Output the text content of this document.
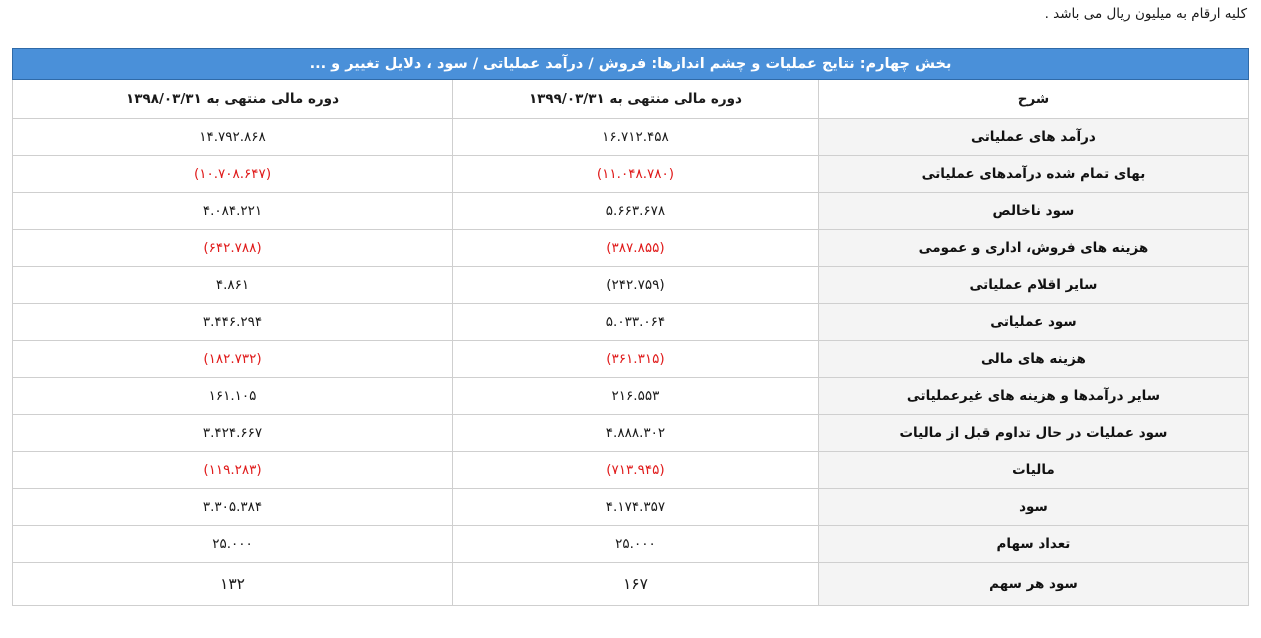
کلیه ارقام به میلیون ریال می باشد .
بخش چهارم: نتایج عملیات و چشم اندازها: فروش / درآمد عملیاتی / سود ، دلایل تغییر و ...		
شرح	دوره مالی منتهی به ۱۳۹۹/۰۳/۳۱	دوره مالی منتهی به ۱۳۹۸/۰۳/۳۱
درآمد های عملیاتی	۱۶.۷۱۲.۴۵۸	۱۴.۷۹۲.۸۶۸
بهای تمام شده درآمدهای عملیاتی	(۱۱.۰۴۸.۷۸۰)	(۱۰.۷۰۸.۶۴۷)
سود ناخالص	۵.۶۶۳.۶۷۸	۴.۰۸۴.۲۲۱
هزینه های فروش، اداری و عمومی	(۳۸۷.۸۵۵)	(۶۴۲.۷۸۸)
سایر اقلام عملیاتی	(۲۴۲.۷۵۹)	۴.۸۶۱
سود عملیاتی	۵.۰۳۳.۰۶۴	۳.۴۴۶.۲۹۴
هزینه های مالی	(۳۶۱.۳۱۵)	(۱۸۲.۷۳۲)
سایر درآمدها و هزینه های غیرعملیاتی	۲۱۶.۵۵۳	۱۶۱.۱۰۵
سود عملیات در حال تداوم قبل از مالیات	۴.۸۸۸.۳۰۲	۳.۴۲۴.۶۶۷
مالیات	(۷۱۳.۹۴۵)	(۱۱۹.۲۸۳)
سود	۴.۱۷۴.۳۵۷	۳.۳۰۵.۳۸۴
تعداد سهام	۲۵.۰۰۰	۲۵.۰۰۰
سود هر سهم	۱۶۷	۱۳۲
